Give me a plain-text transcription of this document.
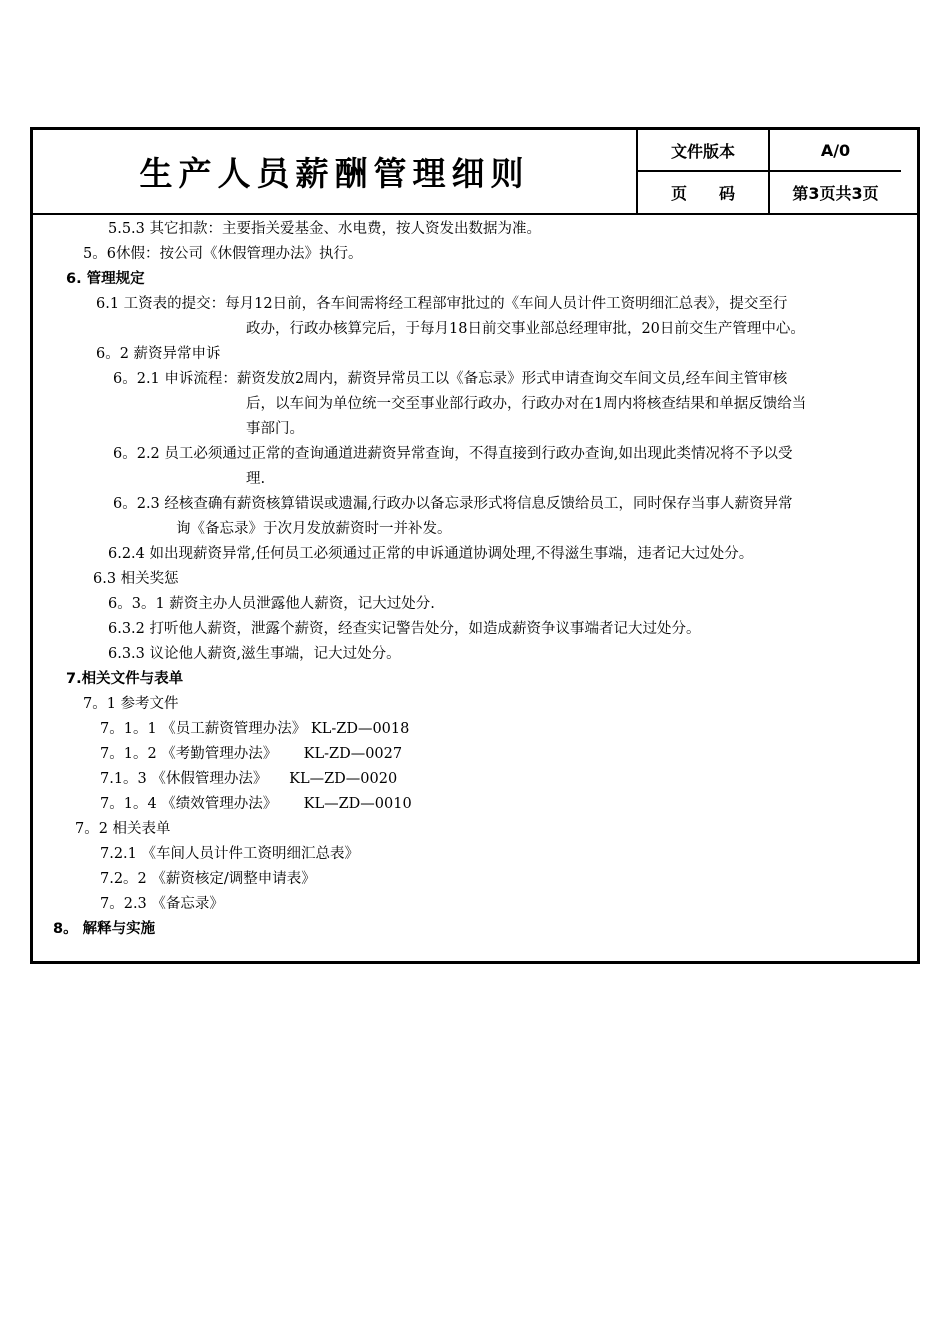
生产人员薪酬管理细则
文件版本	A/0
页　　码	第3页共3页
5.5.3 其它扣款：主要指关爱基金、水电费，按人资发出数据为准。
5。6休假：按公司《休假管理办法》执行。
6. 管理规定
6.1 工资表的提交：每月12日前，各车间需将经工程部审批过的《车间人员计件工资明细汇总表》，提交至行
政办，行政办核算完后，于每月18日前交事业部总经理审批，20日前交生产管理中心。
6。2 薪资异常申诉
6。2.1 申诉流程：薪资发放2周内，薪资异常员工以《备忘录》形式申请查询交车间文员,经车间主管审核
后，以车间为单位统一交至事业部行政办，行政办对在1周内将核查结果和单据反馈给当
事部门。
6。2.2 员工必须通过正常的查询通道进薪资异常查询，不得直接到行政办查询,如出现此类情况将不予以受
理.
6。2.3 经核查确有薪资核算错误或遗漏,行政办以备忘录形式将信息反馈给员工，同时保存当事人薪资异常
询《备忘录》于次月发放薪资时一并补发。
6.2.4 如出现薪资异常,任何员工必须通过正常的申诉通道协调处理,不得滋生事端，违者记大过处分。
6.3 相关奖惩
6。3。1 薪资主办人员泄露他人薪资，记大过处分.
6.3.2 打听他人薪资，泄露个薪资，经查实记警告处分，如造成薪资争议事端者记大过处分。
6.3.3 议论他人薪资,滋生事端，记大过处分。
7.相关文件与表单
7。1 参考文件
7。1。1 《员工薪资管理办法》 KL-ZD—0018
7。1。2 《考勤管理办法》　　 KL-ZD—0027
7.1。3 《休假管理办法》　　KL—ZD—0020
7。1。4 《绩效管理办法》　　 KL—ZD—0010
7。2 相关表单
7.2.1 《车间人员计件工资明细汇总表》
7.2。2 《薪资核定/调整申请表》
7。2.3 《备忘录》
8。 解释与实施
